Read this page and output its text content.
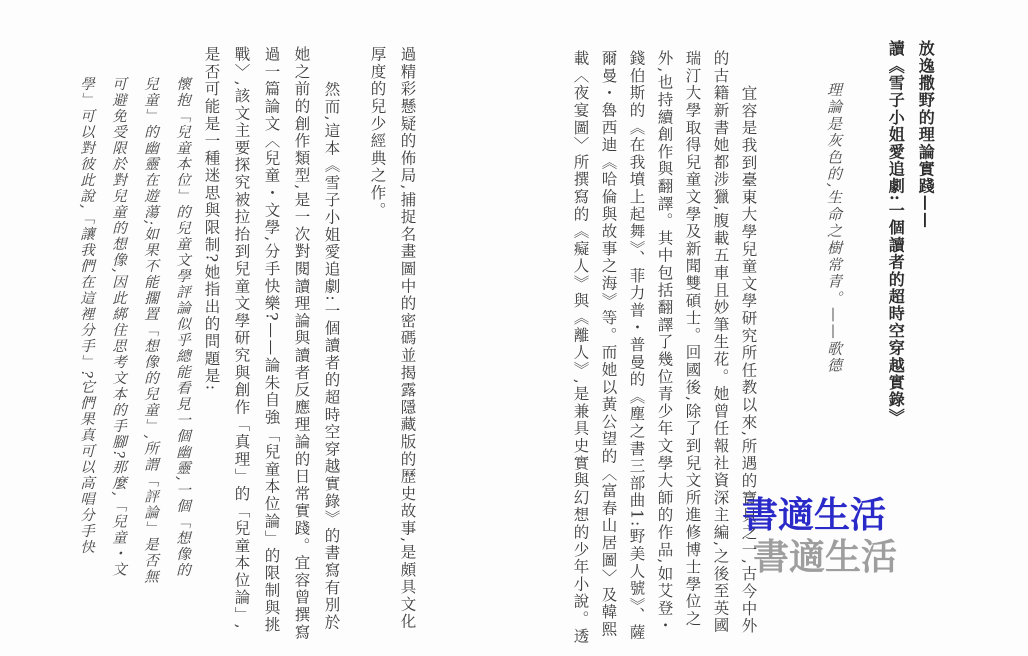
放逸撒野的理論實踐——
讀《雪子小姐愛追劇:一個讀者的超時空穿越實錄》

理論是灰色的,生命之樹常青。——歌德

宜容是我到臺東大學兒童文學研究所任教以來,所遇的寶貝之一,古今中外的古籍新書她都涉獵,腹載五車且妙筆生花。她曾任報社資深主編,之後至英國瑞汀大學取得兒童文學及新聞雙碩士。回國後,除了到兒文所進修博士學位之外,也持續創作與翻譯。其中包括翻譯了幾位青少年文學大師的作品,如艾登・錢伯斯的《在我墳上起舞》、菲力普・普曼的《塵之書三部曲1:野美人號》、薩爾曼・魯西迪《哈倫與故事之海》等。而她以黃公望的〈富春山居圖〉及韓熙載〈夜宴圖〉所撰寫的《癡人》與《離人》,是兼具史實與幻想的少年小說。透

過精彩懸疑的佈局,捕捉名畫圖中的密碼並揭露隱藏版的歷史故事,是頗具文化厚度的兒少經典之作。

然而,這本《雪子小姐愛追劇:一個讀者的超時空穿越實錄》的書寫有別於她之前的創作類型,是一次對閱讀理論與讀者反應理論的日常實踐。宜容曾撰寫過一篇論文〈兒童・文學,分手快樂?——論朱自強「兒童本位論」的限制與挑戰〉,該文主要探究被拉抬到兒童文學研究與創作「真理」的「兒童本位論」,是否可能是一種迷思與限制?她指出的問題是:

懷抱「兒童本位」的兒童文學評論似乎總能看見一個幽靈,一個「想像的兒童」的幽靈在遊蕩;如果不能擱置「想像的兒童」,所謂「評論」是否無可避免受限於對兒童的想像,因此綁住思考文本的手腳?那麼,「兒童・文學」可以對彼此說,「讓我們在這裡分手」?它們果真可以高唱分手快	書適生活
書適生活
